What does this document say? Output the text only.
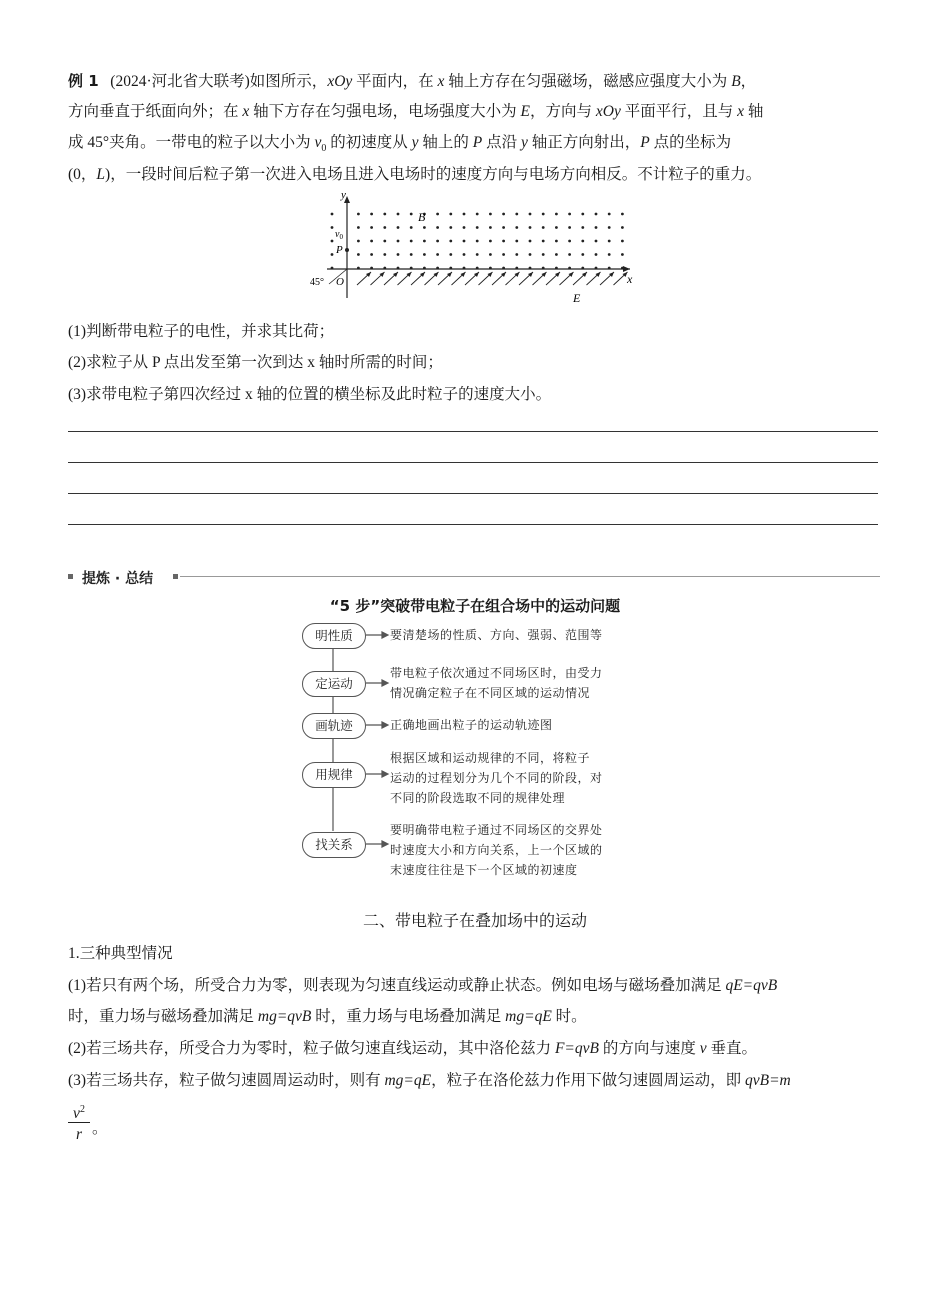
例 1 (2024·河北省大联考)如图所示，xOy 平面内，在 x 轴上方存在匀强磁场，磁感应强度大小为 B，
方向垂直于纸面向外；在 x 轴下方存在匀强电场，电场强度大小为 E，方向与 xOy 平面平行，且与 x 轴
成 45°夹角。一带电的粒子以大小为 $v_0$ 的初速度从 y 轴上的 P 点沿 y 轴正方向射出，P 点的坐标为
(0，L)，一段时间后粒子第一次进入电场且进入电场时的速度方向与电场方向相反。不计粒子的重力。
y
x
B
$v_0$
P
O
45°
E
(1)判断带电粒子的电性，并求其比荷；
(2)求粒子从 P 点出发至第一次到达 x 轴时所需的时间；
(3)求带电粒子第四次经过 x 轴的位置的横坐标及此时粒子的速度大小。
提炼 · 总结
“5 步”突破带电粒子在组合场中的运动问题
明性质
定运动
画轨迹
用规律
找关系
要清楚场的性质、方向、强弱、范围等
带电粒子依次通过不同场区时，由受力
情况确定粒子在不同区域的运动情况
正确地画出粒子的运动轨迹图
根据区域和运动规律的不同，将粒子
运动的过程划分为几个不同的阶段，对
不同的阶段选取不同的规律处理
要明确带电粒子通过不同场区的交界处
时速度大小和方向关系，上一个区域的
末速度往往是下一个区域的初速度
二、带电粒子在叠加场中的运动
1.三种典型情况
(1)若只有两个场，所受合力为零，则表现为匀速直线运动或静止状态。例如电场与磁场叠加满足 qE=qvB
时，重力场与磁场叠加满足 mg=qvB 时，重力场与电场叠加满足 mg=qE 时。
(2)若三场共存，所受合力为零时，粒子做匀速直线运动，其中洛伦兹力 F=qvB 的方向与速度 v 垂直。
(3)若三场共存，粒子做匀速圆周运动时，则有 mg=qE，粒子在洛伦兹力作用下做匀速圆周运动，即 qvB=m
$v^2$
r 。
